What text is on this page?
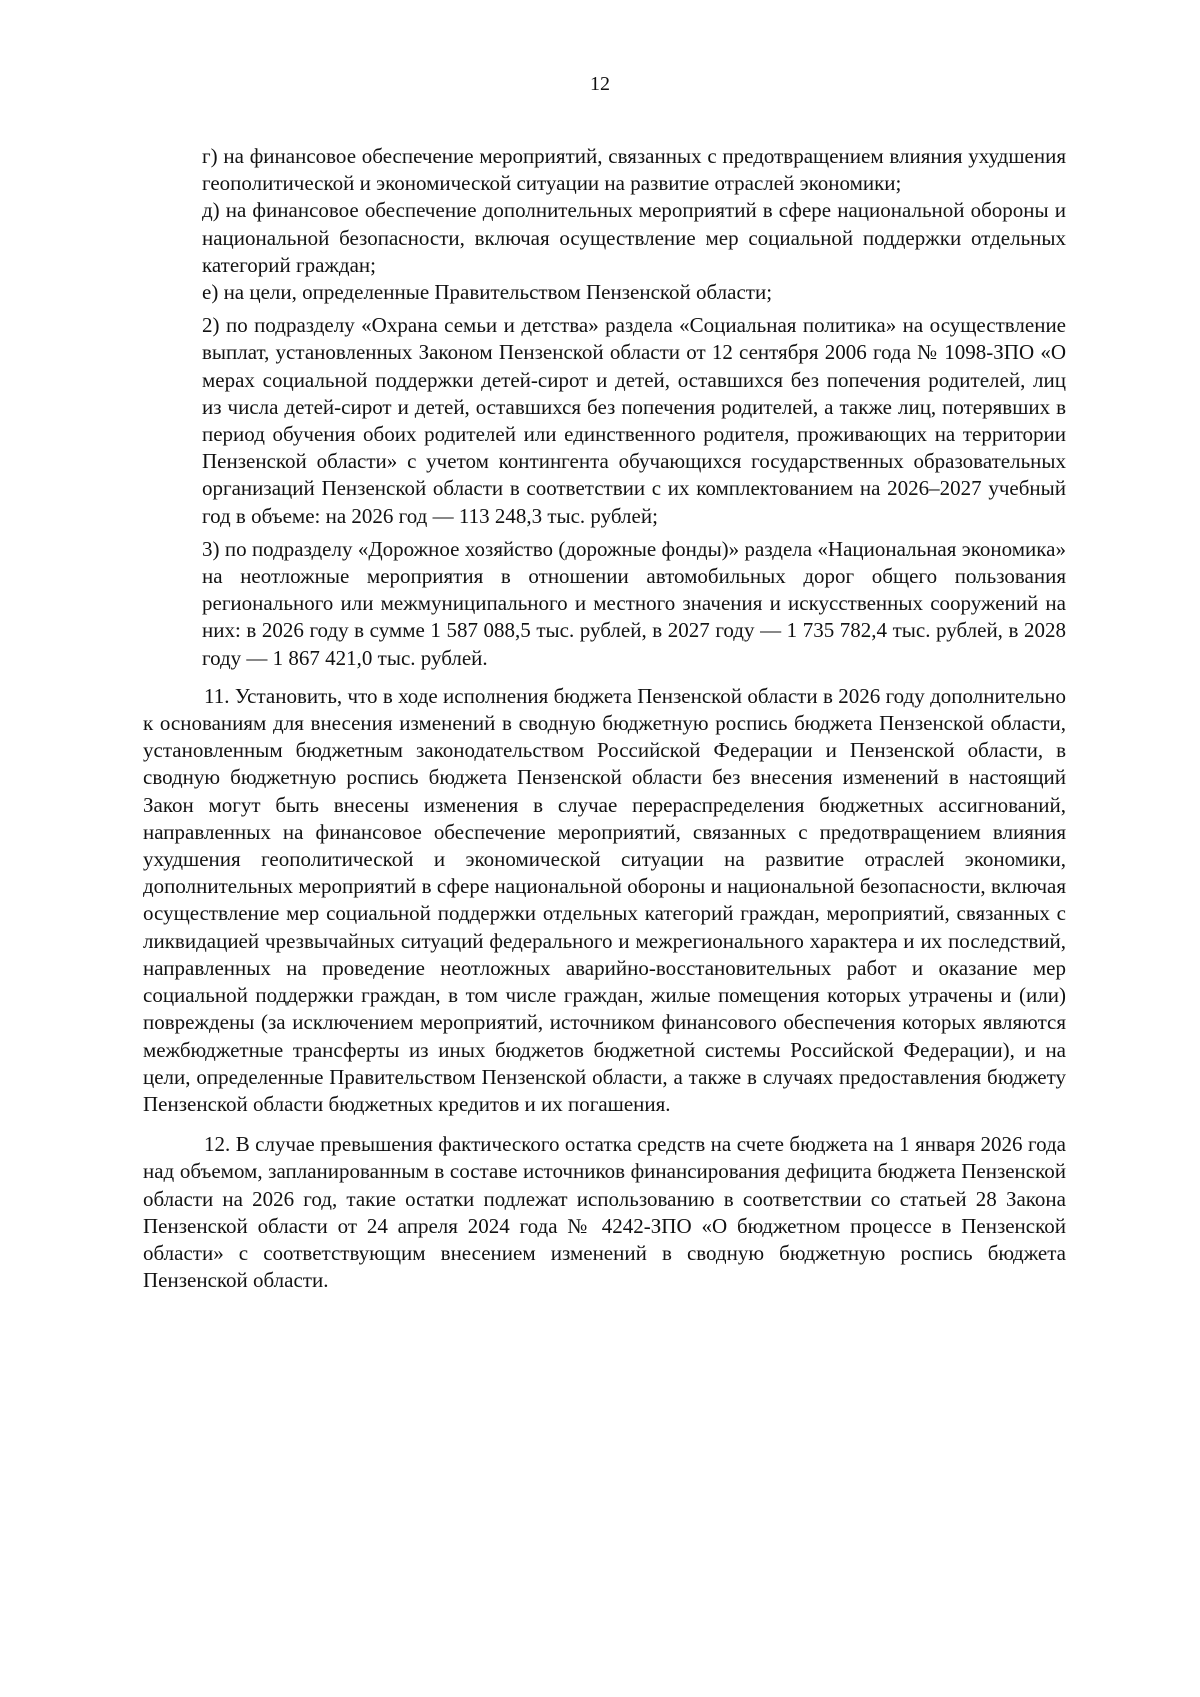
12

г) на финансовое обеспечение мероприятий, связанных с предотвращением влияния ухудшения геополитической и экономической ситуации на развитие отраслей экономики;

д) на финансовое обеспечение дополнительных мероприятий в сфере национальной обороны и национальной безопасности, включая осуществление мер социальной поддержки отдельных категорий граждан;

е) на цели, определенные Правительством Пензенской области;

2) по подразделу «Охрана семьи и детства» раздела «Социальная политика» на осуществление выплат, установленных Законом Пензенской области от 12 сентября 2006 года № 1098-ЗПО «О мерах социальной поддержки детей-сирот и детей, оставшихся без попечения родителей, лиц из числа детей-сирот и детей, оставшихся без попечения родителей, а также лиц, потерявших в период обучения обоих родителей или единственного родителя, проживающих на территории Пензенской области» с учетом контингента обучающихся государственных образовательных организаций Пензенской области в соответствии с их комплектованием на 2026–2027 учебный год в объеме: на 2026 год — 113 248,3 тыс. рублей;

3) по подразделу «Дорожное хозяйство (дорожные фонды)» раздела «Национальная экономика» на неотложные мероприятия в отношении автомобильных дорог общего пользования регионального или межмуниципального и местного значения и искусственных сооружений на них: в 2026 году в сумме 1 587 088,5 тыс. рублей, в 2027 году — 1 735 782,4 тыс. рублей, в 2028 году — 1 867 421,0 тыс. рублей.

11. Установить, что в ходе исполнения бюджета Пензенской области в 2026 году дополнительно к основаниям для внесения изменений в сводную бюджетную роспись бюджета Пензенской области, установленным бюджетным законодательством Российской Федерации и Пензенской области, в сводную бюджетную роспись бюджета Пензенской области без внесения изменений в настоящий Закон могут быть внесены изменения в случае перераспределения бюджетных ассигнований, направленных на финансовое обеспечение мероприятий, связанных с предотвращением влияния ухудшения геополитической и экономической ситуации на развитие отраслей экономики, дополнительных мероприятий в сфере национальной обороны и национальной безопасности, включая осуществление мер социальной поддержки отдельных категорий граждан, мероприятий, связанных с ликвидацией чрезвычайных ситуаций федерального и межрегионального характера и их последствий, направленных на проведение неотложных аварийно-восстановительных работ и оказание мер социальной поддержки граждан, в том числе граждан, жилые помещения которых утрачены и (или) повреждены (за исключением мероприятий, источником финансового обеспечения которых являются межбюджетные трансферты из иных бюджетов бюджетной системы Российской Федерации), и на цели, определенные Правительством Пензенской области, а также в случаях предоставления бюджету Пензенской области бюджетных кредитов и их погашения.

12. В случае превышения фактического остатка средств на счете бюджета на 1 января 2026 года над объемом, запланированным в составе источников финансирования дефицита бюджета Пензенской области на 2026 год, такие остатки подлежат использованию в соответствии со статьей 28 Закона Пензенской области от 24 апреля 2024 года № 4242-ЗПО «О бюджетном процессе в Пензенской области» с соответствующим внесением изменений в сводную бюджетную роспись бюджета Пензенской области.
